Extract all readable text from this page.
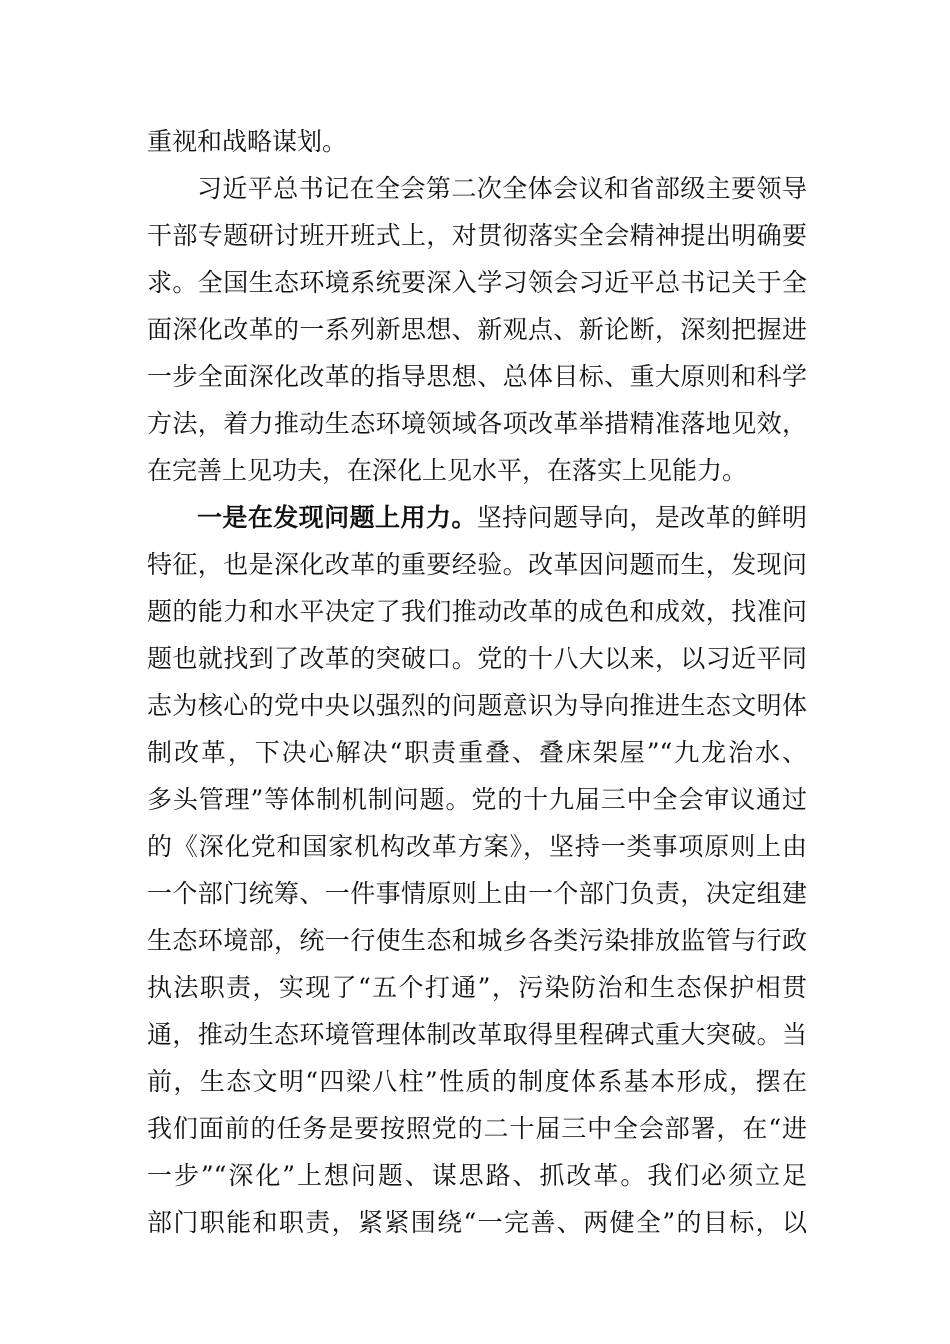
重视和战略谋划。
习近平总书记在全会第二次全体会议和省部级主要领导
干部专题研讨班开班式上，对贯彻落实全会精神提出明确要
求。全国生态环境系统要深入学习领会习近平总书记关于全
面深化改革的一系列新思想、新观点、新论断，深刻把握进
一步全面深化改革的指导思想、总体目标、重大原则和科学
方法，着力推动生态环境领域各项改革举措精准落地见效，
在完善上见功夫，在深化上见水平，在落实上见能力。
一是在发现问题上用力。坚持问题导向，是改革的鲜明
特征，也是深化改革的重要经验。改革因问题而生，发现问
题的能力和水平决定了我们推动改革的成色和成效，找准问
题也就找到了改革的突破口。党的十八大以来，以习近平同
志为核心的党中央以强烈的问题意识为导向推进生态文明体
制改革，下决心解决“职责重叠、叠床架屋”“九龙治水、
多头管理”等体制机制问题。党的十九届三中全会审议通过
的《深化党和国家机构改革方案》，坚持一类事项原则上由
一个部门统筹、一件事情原则上由一个部门负责，决定组建
生态环境部，统一行使生态和城乡各类污染排放监管与行政
执法职责，实现了“五个打通”，污染防治和生态保护相贯
通，推动生态环境管理体制改革取得里程碑式重大突破。当
前，生态文明“四梁八柱”性质的制度体系基本形成，摆在
我们面前的任务是要按照党的二十届三中全会部署，在“进
一步”“深化”上想问题、谋思路、抓改革。我们必须立足
部门职能和职责，紧紧围绕“一完善、两健全”的目标，以
